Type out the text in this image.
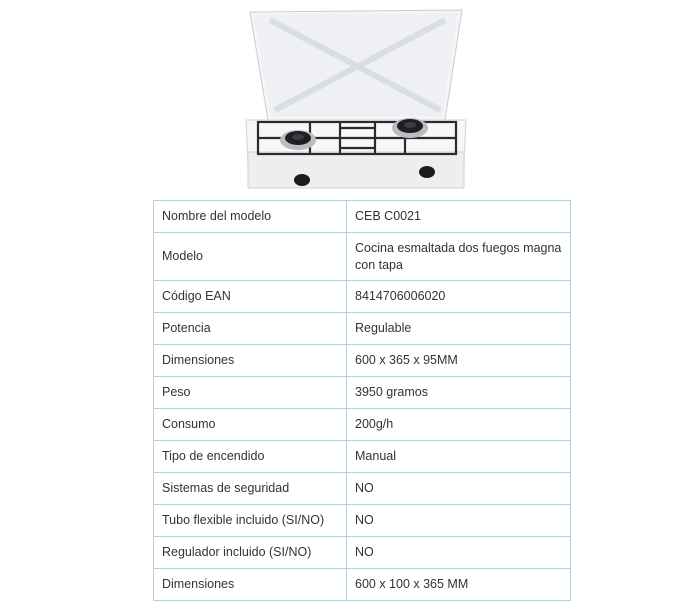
Nombre del modelo	CEB C0021
Modelo	Cocina esmaltada dos fuegos magna con tapa
Código EAN	8414706006020
Potencia	Regulable
Dimensiones	600 x 365 x 95MM
Peso	3950 gramos
Consumo	200g/h
Tipo de encendido	Manual
Sistemas de seguridad	NO
Tubo flexible incluido (SI/NO)	NO
Regulador incluido (SI/NO)	NO
Dimensiones	600 x 100 x 365 MM
